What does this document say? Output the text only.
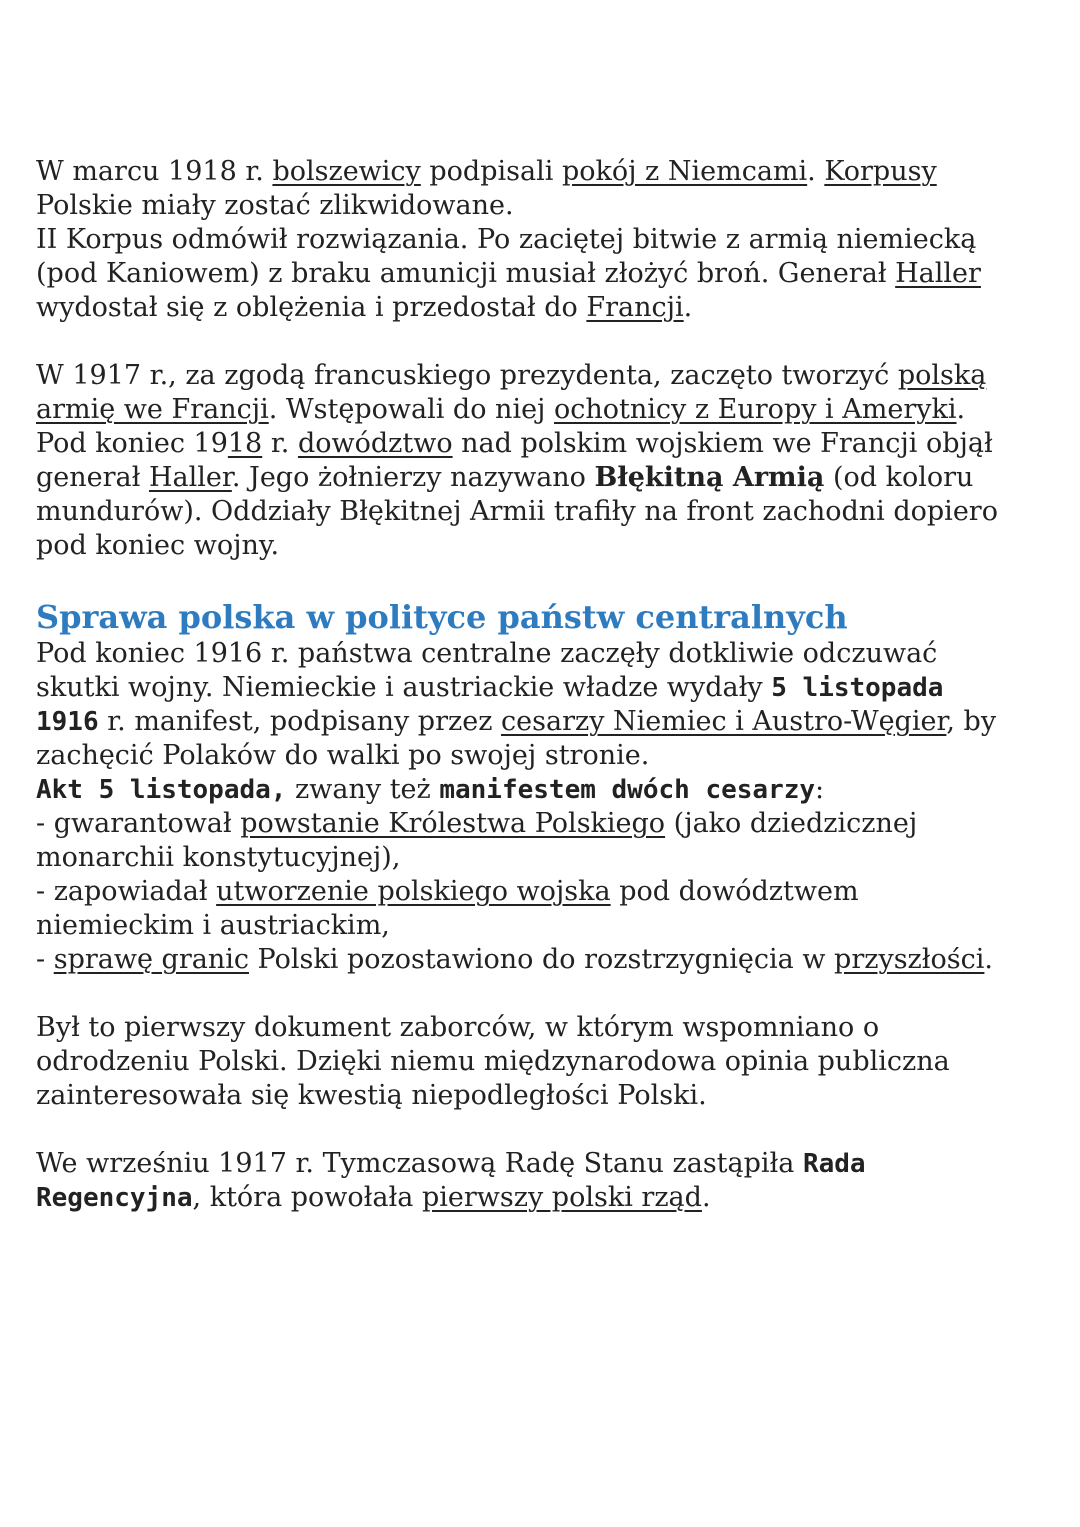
W marcu 1918 r. bolszewicy podpisali pokój z Niemcami. Korpusy

Polskie miały zostać zlikwidowane.

II Korpus odmówił rozwiązania. Po zaciętej bitwie z armią niemiecką

(pod Kaniowem) z braku amunicji musiał złożyć broń. Generał Haller

wydostał się z oblężenia i przedostał do Francji.

W 1917 r., za zgodą francuskiego prezydenta, zaczęto tworzyć polską

armię we Francji. Wstępowali do niej ochotnicy z Europy i Ameryki.

Pod koniec 1918 r. dowództwo nad polskim wojskiem we Francji objął

generał Haller. Jego żołnierzy nazywano Błękitną Armią (od koloru

mundurów). Oddziały Błękitnej Armii trafiły na front zachodni dopiero

pod koniec wojny.

Sprawa polska w polityce państw centralnych

Pod koniec 1916 r. państwa centralne zaczęły dotkliwie odczuwać

skutki wojny. Niemieckie i austriackie władze wydały 5 listopada

1916 r. manifest, podpisany przez cesarzy Niemiec i Austro-Węgier, by

zachęcić Polaków do walki po swojej stronie.

Akt 5 listopada, zwany też manifestem dwóch cesarzy:

- gwarantował powstanie Królestwa Polskiego (jako dziedzicznej

monarchii konstytucyjnej),

- zapowiadał utworzenie polskiego wojska pod dowództwem

niemieckim i austriackim,

- sprawę granic Polski pozostawiono do rozstrzygnięcia w przyszłości.

Był to pierwszy dokument zaborców, w którym wspomniano o

odrodzeniu Polski. Dzięki niemu międzynarodowa opinia publiczna

zainteresowała się kwestią niepodległości Polski.

We wrześniu 1917 r. Tymczasową Radę Stanu zastąpiła Rada

Regencyjna, która powołała pierwszy polski rząd.
